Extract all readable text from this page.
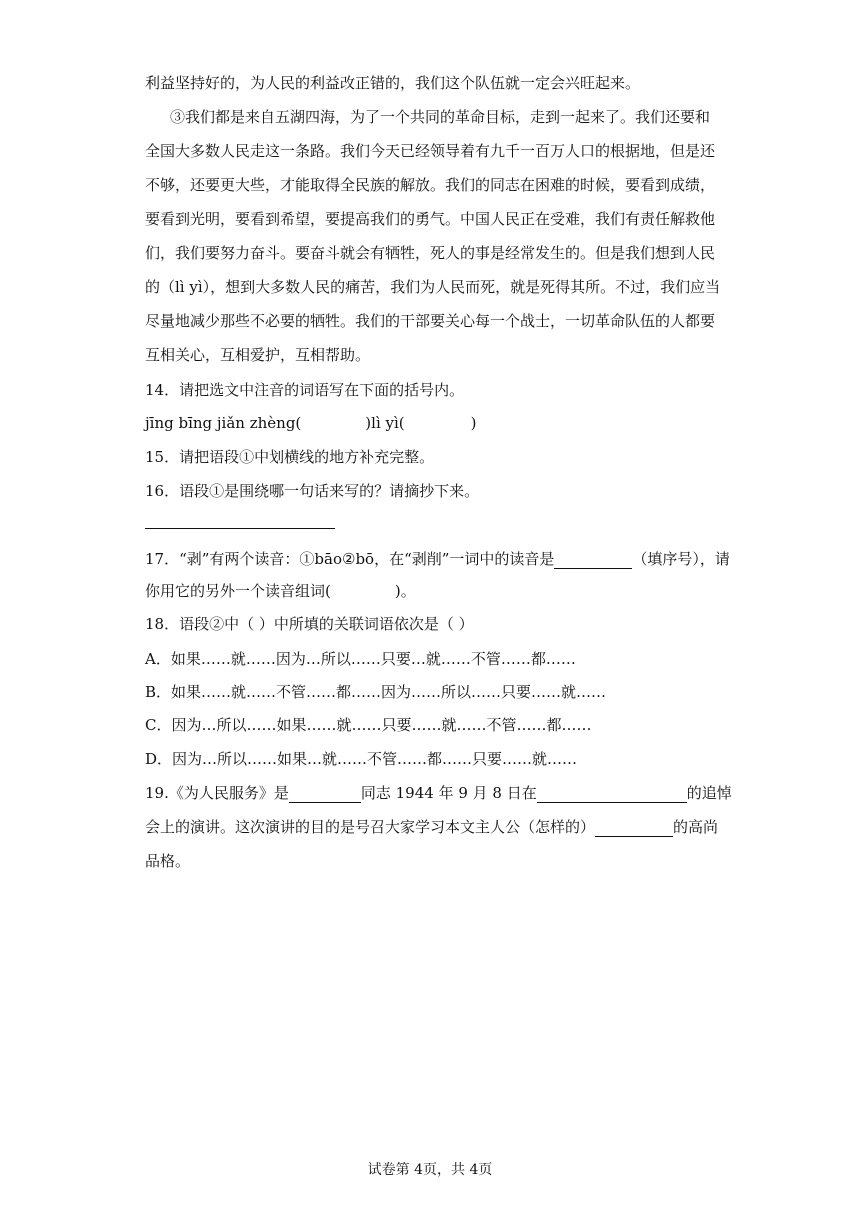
利益坚持好的，为人民的利益改正错的，我们这个队伍就一定会兴旺起来。
③我们都是来自五湖四海，为了一个共同的革命目标，走到一起来了。我们还要和
全国大多数人民走这一条路。我们今天已经领导着有九千一百万人口的根据地，但是还
不够，还要更大些，才能取得全民族的解放。我们的同志在困难的时候，要看到成绩，
要看到光明，要看到希望，要提高我们的勇气。中国人民正在受难，我们有责任解救他
们，我们要努力奋斗。要奋斗就会有牺牲，死人的事是经常发生的。但是我们想到人民
的（lì yì），想到大多数人民的痛苦，我们为人民而死，就是死得其所。不过，我们应当
尽量地减少那些不必要的牺牲。我们的干部要关心每一个战士，一切革命队伍的人都要
互相关心，互相爱护，互相帮助。
14．请把选文中注音的词语写在下面的括号内。
jīng bīng jiǎn zhèng(	)lì yì(	)
15．请把语段①中划横线的地方补充完整。
16．语段①是围绕哪一句话来写的？请摘抄下来。
17．“剥”有两个读音：①bāo②bō，在“剥削”一词中的读音是	（填序号），请
你用它的另外一个读音组词(	)。
18．语段②中（ ）中所填的关联词语依次是（ ）
A．如果……就……因为…所以……只要…就……不管……都……
B．如果……就……不管……都……因为……所以……只要……就……
C．因为…所以……如果……就……只要……就……不管……都……
D．因为…所以……如果…就……不管……都……只要……就……
19.《为人民服务》是	同志 1944 年 9 月 8 日在	的追悼
会上的演讲。这次演讲的目的是号召大家学习本文主人公（怎样的）	的高尚
品格。
试卷第 4页，共 4页
